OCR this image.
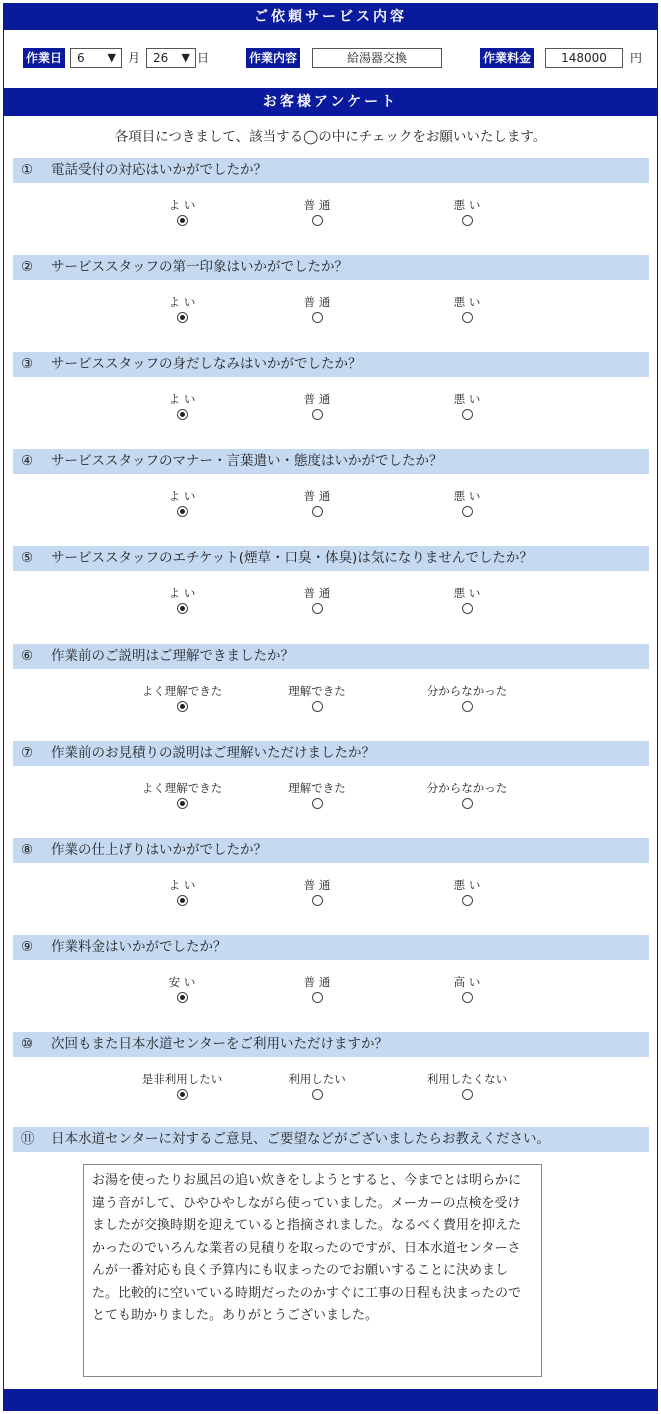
ご依頼サービス内容
作業日	6 ▼ 月	26 ▼ 日	作業内容	給湯器交換	作業料金	148000	円
お客様アンケート
各項目につきまして、該当する◯の中にチェックをお願いいたします。
① 電話受付の対応はいかがでしたか？
よ い	普 通	悪 い
② サービススタッフの第一印象はいかがでしたか？
よ い	普 通	悪 い
③ サービススタッフの身だしなみはいかがでしたか？
よ い	普 通	悪 い
④ サービススタッフのマナー・言葉遣い・態度はいかがでしたか？
よ い	普 通	悪 い
⑤ サービススタッフのエチケット(煙草・口臭・体臭)は気になりませんでしたか？
よ い	普 通	悪 い
⑥ 作業前のご説明はご理解できましたか？
よく理解できた	理解できた	分からなかった
⑦ 作業前のお見積りの説明はご理解いただけましたか？
よく理解できた	理解できた	分からなかった
⑧ 作業の仕上げりはいかがでしたか？
よ い	普 通	悪 い
⑨ 作業料金はいかがでしたか？
安 い	普 通	高 い
⑩ 次回もまた日本水道センターをご利用いただけますか？
是非利用したい	利用したい	利用したくない
⑪ 日本水道センターに対するご意見、ご要望などがございましたらお教えください。
お湯を使ったりお風呂の追い炊きをしようとすると、今までとは明らかに違う音がして、ひやひやしながら使っていました。メーカーの点検を受けましたが交換時期を迎えていると指摘されました。なるべく費用を抑えたかったのでいろんな業者の見積りを取ったのですが、日本水道センターさんが一番対応も良く予算内にも収まったのでお願いすることに決めました。比較的に空いている時期だったのかすぐに工事の日程も決まったのでとても助かりました。ありがとうございました。
